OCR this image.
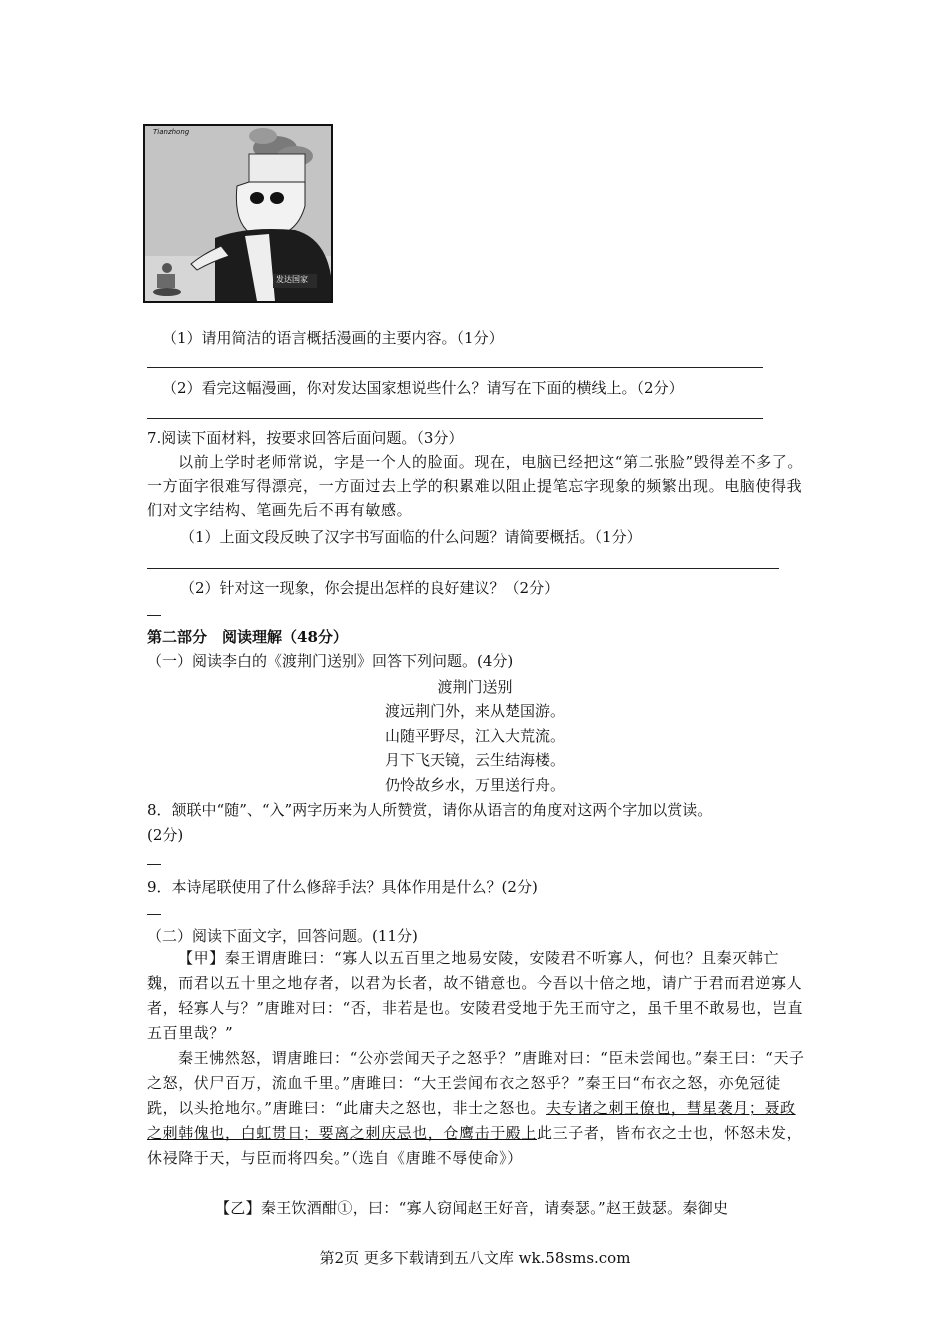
Tianzhong
发达国家
（1）请用简洁的语言概括漫画的主要内容。（1分）
（2）看完这幅漫画，你对发达国家想说些什么？请写在下面的横线上。（2分）
7.阅读下面材料，按要求回答后面问题。（3分）
以前上学时老师常说，字是一个人的脸面。现在，电脑已经把这“第二张脸”毁得差不多了。一方面字很难写得漂亮，一方面过去上学的积累难以阻止提笔忘字现象的频繁出现。电脑使得我们对文字结构、笔画先后不再有敏感。
（1）上面文段反映了汉字书写面临的什么问题？请简要概括。（1分）
（2）针对这一现象，你会提出怎样的良好建议？（2分）
第二部分　阅读理解（48分）
（一）阅读李白的《渡荆门送别》回答下列问题。(4分)
渡荆门送别
渡远荆门外，来从楚国游。
山随平野尽，江入大荒流。
月下飞天镜，云生结海楼。
仍怜故乡水，万里送行舟。
8．颔联中“随”、“入”两字历来为人所赞赏，请你从语言的角度对这两个字加以赏读。
(2分)
9．本诗尾联使用了什么修辞手法？具体作用是什么？(2分)
（二）阅读下面文字，回答问题。(11分)
【甲】秦王谓唐雎曰：“寡人以五百里之地易安陵，安陵君不听寡人，何也？且秦灭韩亡魏，而君以五十里之地存者，以君为长者，故不错意也。今吾以十倍之地，请广于君而君逆寡人者，轻寡人与？”唐雎对曰：“否，非若是也。安陵君受地于先王而守之，虽千里不敢易也，岂直五百里哉？”
秦王怫然怒，谓唐雎曰：“公亦尝闻天子之怒乎？”唐雎对曰：“臣未尝闻也。”秦王曰：“天子之怒，伏尸百万，流血千里。”唐雎曰：“大王尝闻布衣之怒乎？”秦王曰“布衣之怒，亦免冠徒跣，以头抢地尔。”唐雎曰：“此庸夫之怒也，非士之怒也。夫专诸之刺王僚也，彗星袭月；聂政之刺韩傀也，白虹贯日；要离之刺庆忌也，仓鹰击于殿上此三子者，皆布衣之士也，怀怒未发，休祲降于天，与臣而将四矣。”（选自《唐雎不辱使命》）
【乙】秦王饮酒酣①，曰：“寡人窃闻赵王好音，请奏瑟。”赵王鼓瑟。秦御史
第2页 更多下载请到五八文库 wk.58sms.com
